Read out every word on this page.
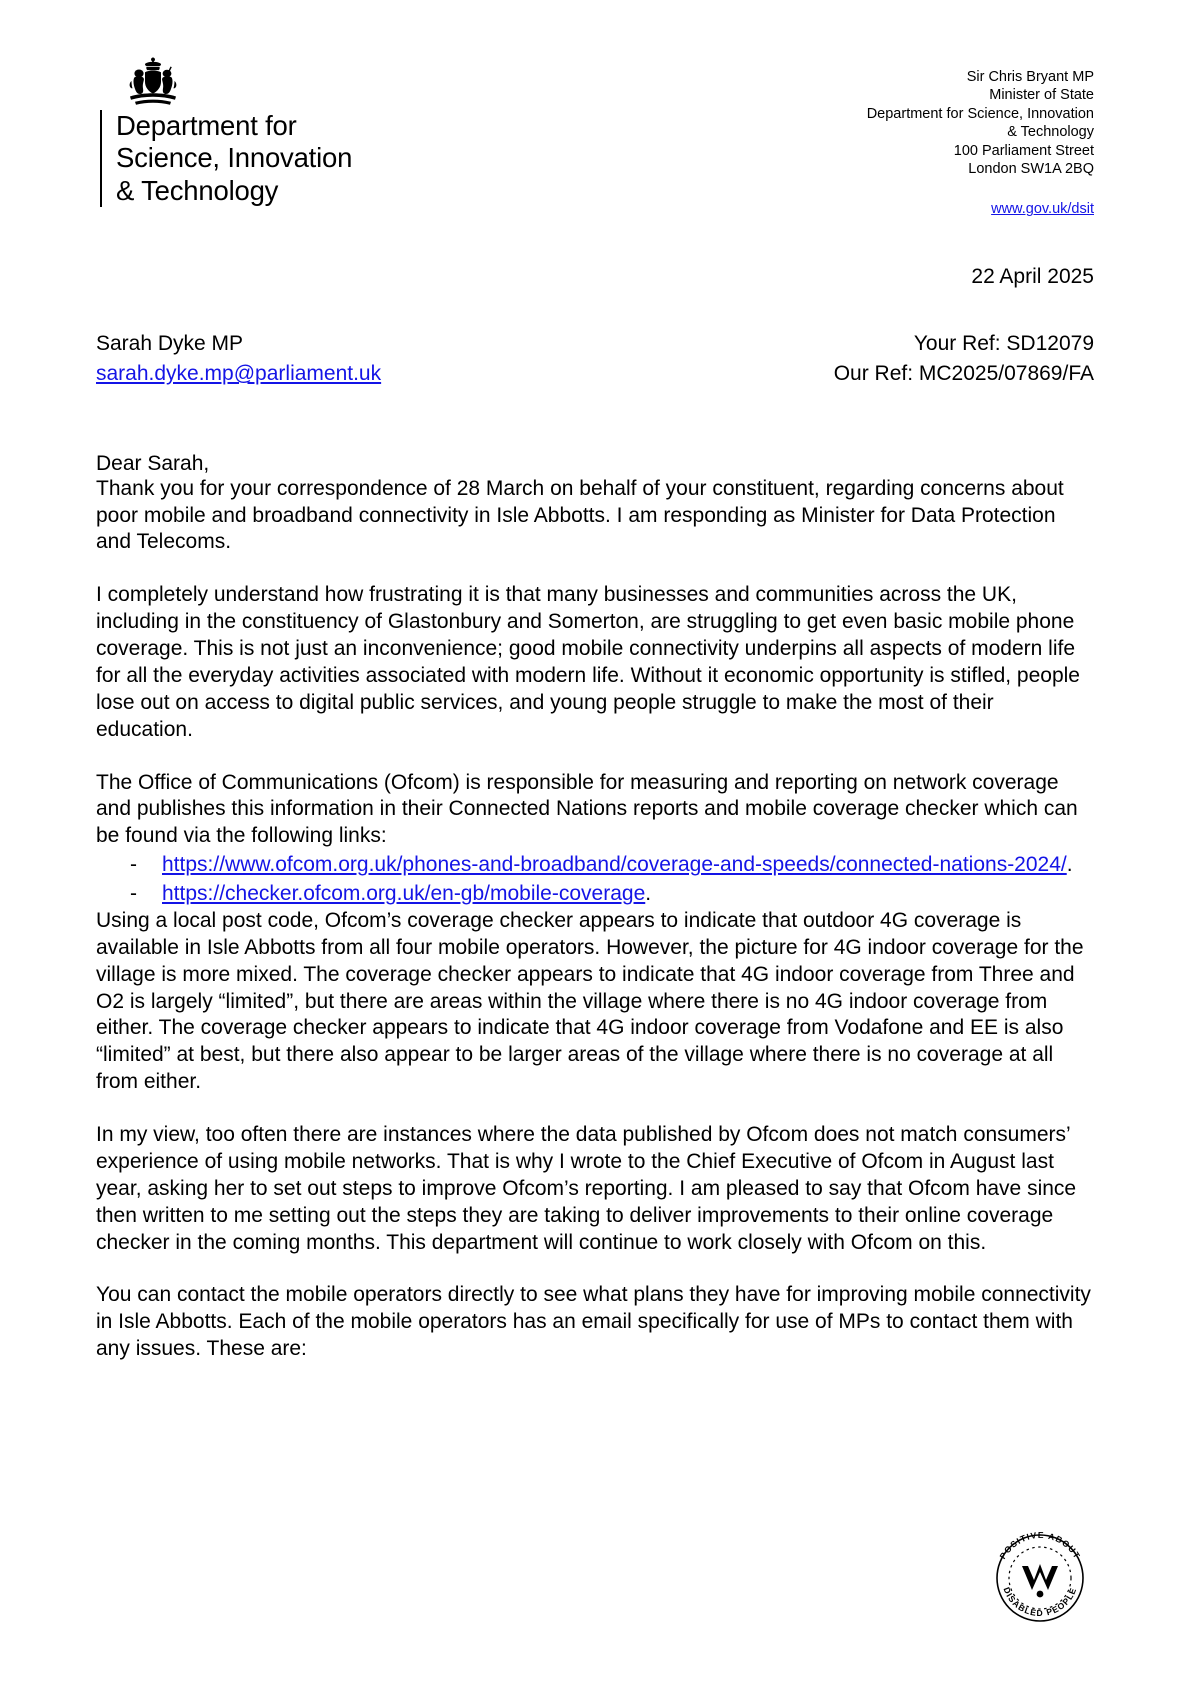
Department for
Science, Innovation
& Technology
Sir Chris Bryant MP
Minister of State
Department for Science, Innovation
& Technology
100 Parliament Street
London SW1A 2BQ
www.gov.uk/dsit
22 April 2025
Sarah Dyke MP
sarah.dyke.mp@parliament.uk
Your Ref: SD12079
Our Ref: MC2025/07869/FA
Dear Sarah,

Thank you for your correspondence of 28 March on behalf of your constituent, regarding concerns about poor mobile and broadband connectivity in Isle Abbotts. I am responding as Minister for Data Protection and Telecoms.

I completely understand how frustrating it is that many businesses and communities across the UK, including in the constituency of Glastonbury and Somerton, are struggling to get even basic mobile phone coverage. This is not just an inconvenience; good mobile connectivity underpins all aspects of modern life for all the everyday activities associated with modern life. Without it economic opportunity is stifled, people lose out on access to digital public services, and young people struggle to make the most of their education.

The Office of Communications (Ofcom) is responsible for measuring and reporting on network coverage and publishes this information in their Connected Nations reports and mobile coverage checker which can be found via the following links:

-	https://www.ofcom.org.uk/phones-and-broadband/coverage-and-speeds/connected-nations-2024/.
-	https://checker.ofcom.org.uk/en-gb/mobile-coverage.

Using a local post code, Ofcom’s coverage checker appears to indicate that outdoor 4G coverage is available in Isle Abbotts from all four mobile operators. However, the picture for 4G indoor coverage for the village is more mixed. The coverage checker appears to indicate that 4G indoor coverage from Three and O2 is largely “limited”, but there are areas within the village where there is no 4G indoor coverage from either. The coverage checker appears to indicate that 4G indoor coverage from Vodafone and EE is also “limited” at best, but there also appear to be larger areas of the village where there is no coverage at all from either.

In my view, too often there are instances where the data published by Ofcom does not match consumers’ experience of using mobile networks. That is why I wrote to the Chief Executive of Ofcom in August last year, asking her to set out steps to improve Ofcom’s reporting. I am pleased to say that Ofcom have since then written to me setting out the steps they are taking to deliver improvements to their online coverage checker in the coming months. This department will continue to work closely with Ofcom on this.

You can contact the mobile operators directly to see what plans they have for improving mobile connectivity in Isle Abbotts. Each of the mobile operators has an email specifically for use of MPs to contact them with any issues. These are:

POSITIVE ABOUT
DISABLED PEOPLE
